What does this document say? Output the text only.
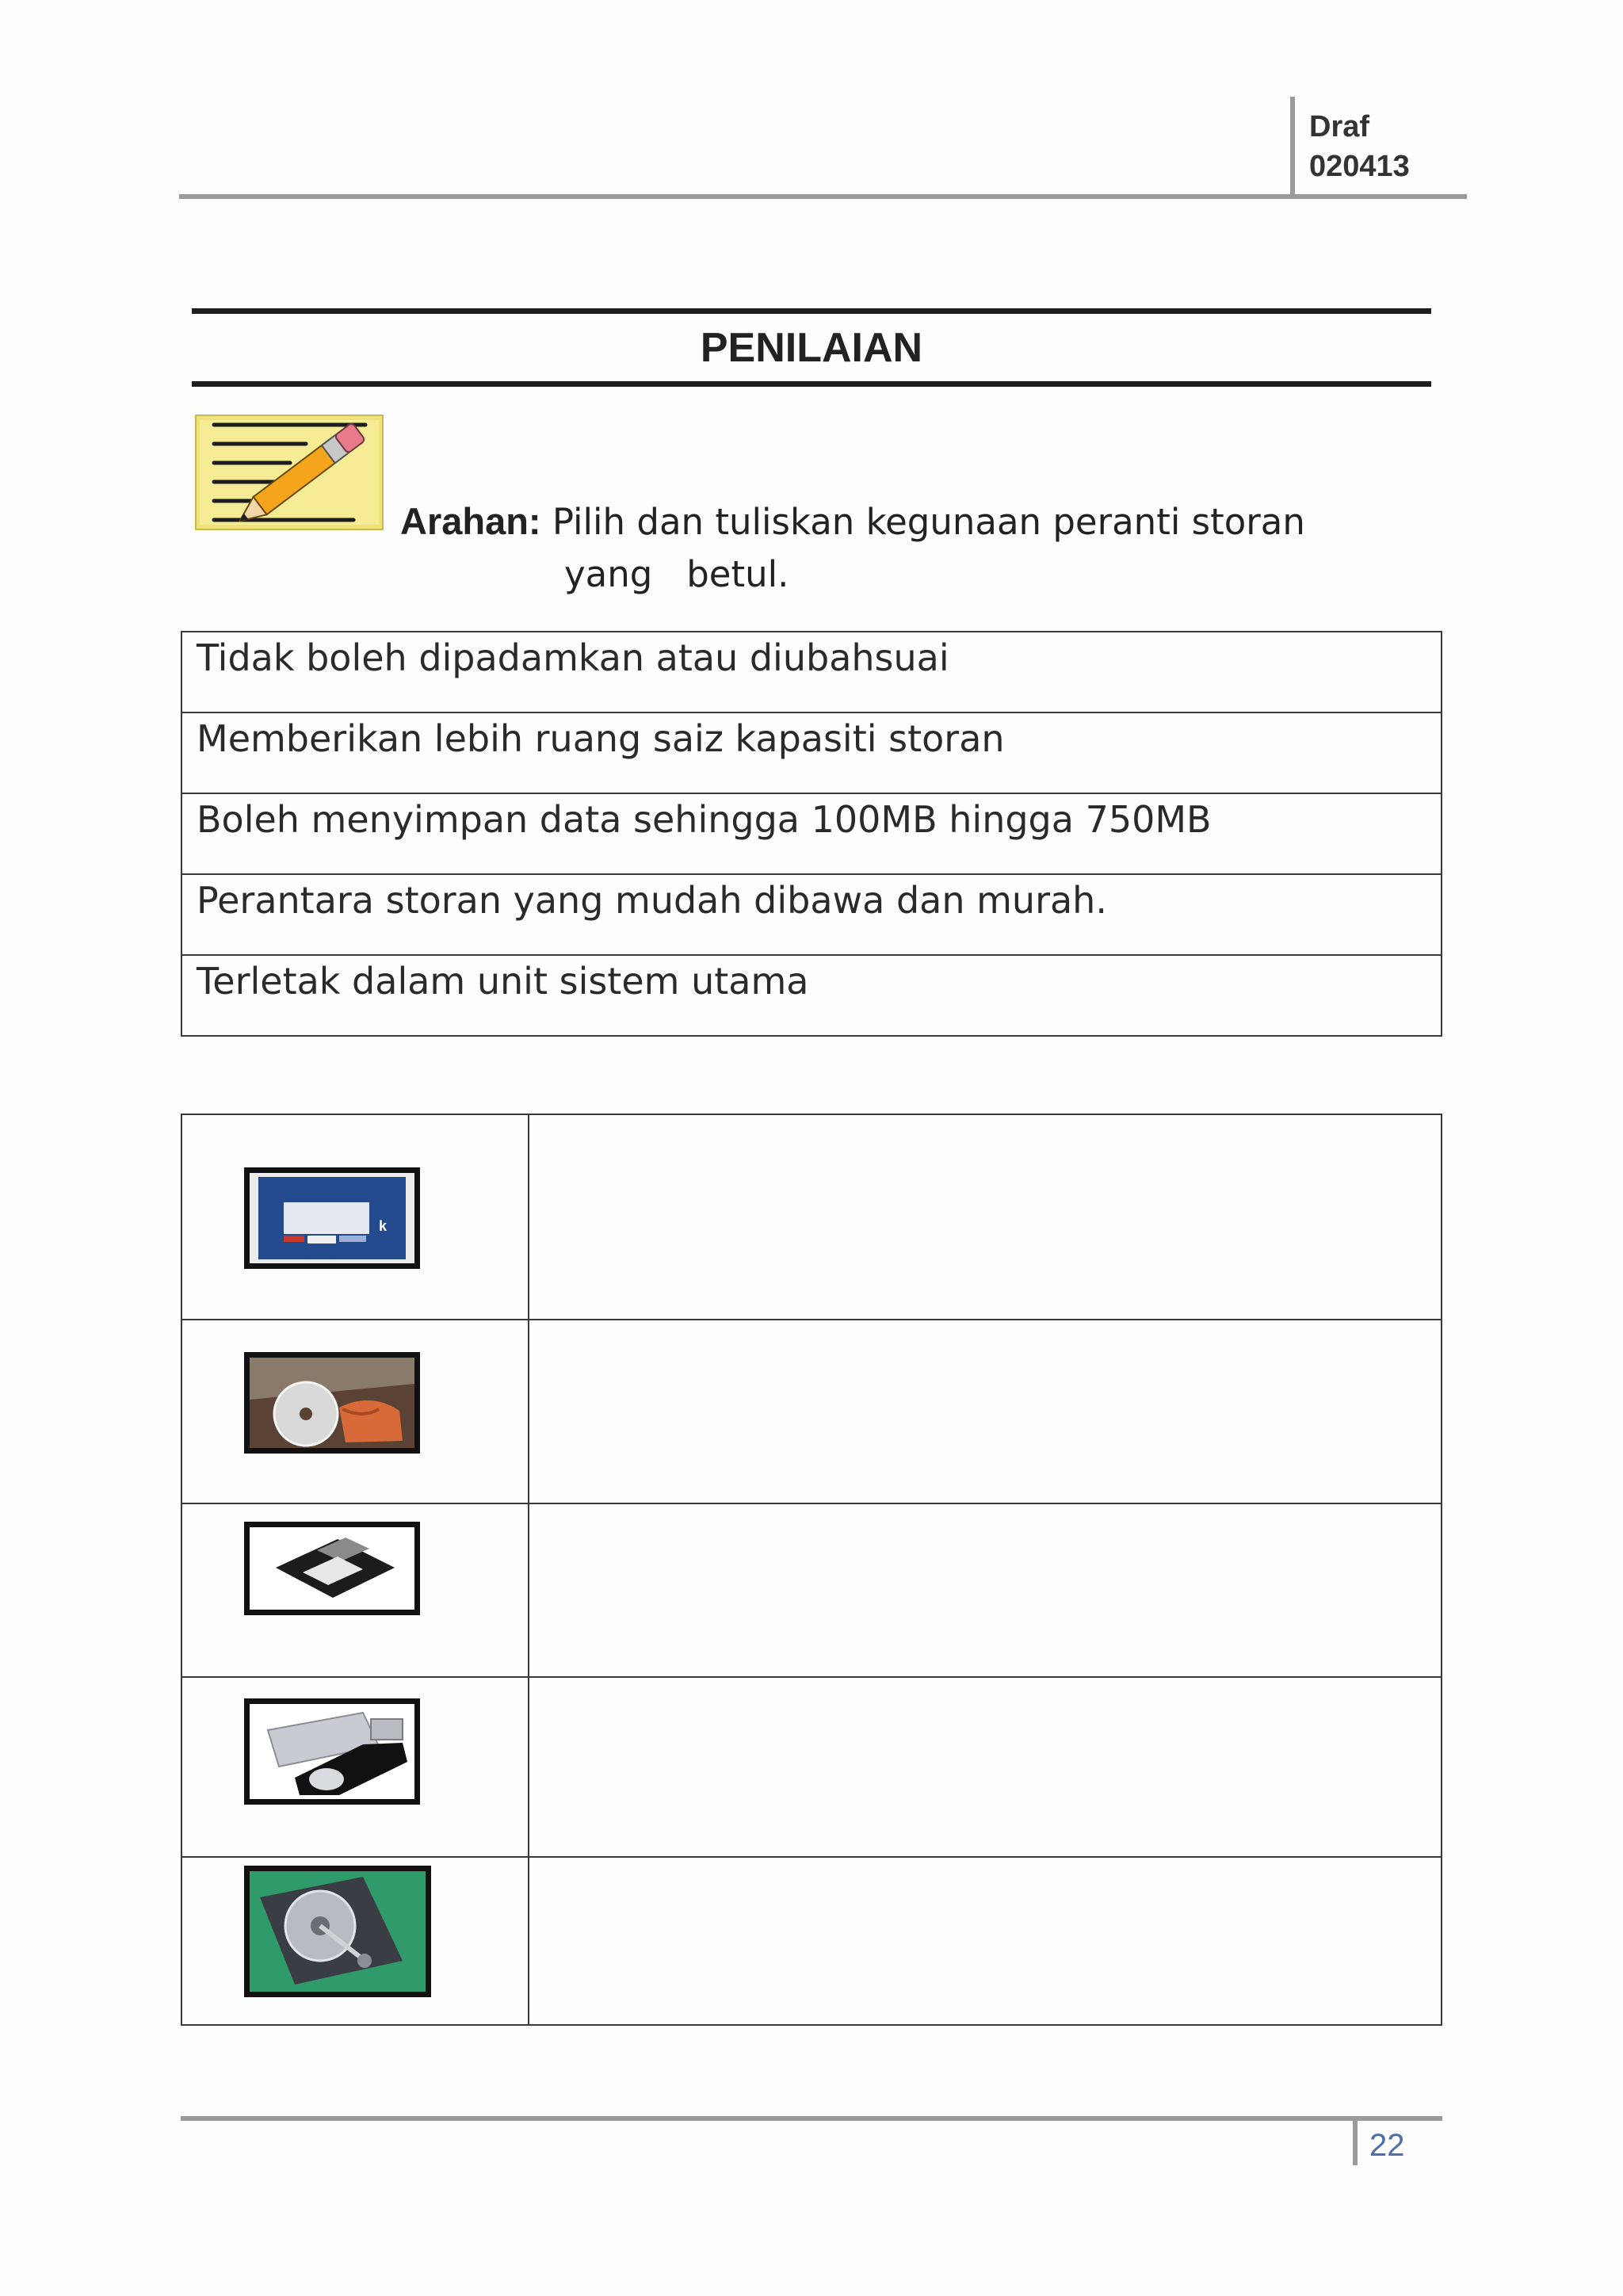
Draf
020413
PENILAIAN
Arahan: Pilih dan tuliskan kegunaan peranti storan
yang   betul.
Tidak boleh dipadamkan atau diubahsuai
Memberikan lebih ruang saiz kapasiti storan
Boleh menyimpan data sehingga 100MB hingga 750MB
Perantara storan yang mudah dibawa dan murah.
Terletak dalam unit sistem utama
k	

22
